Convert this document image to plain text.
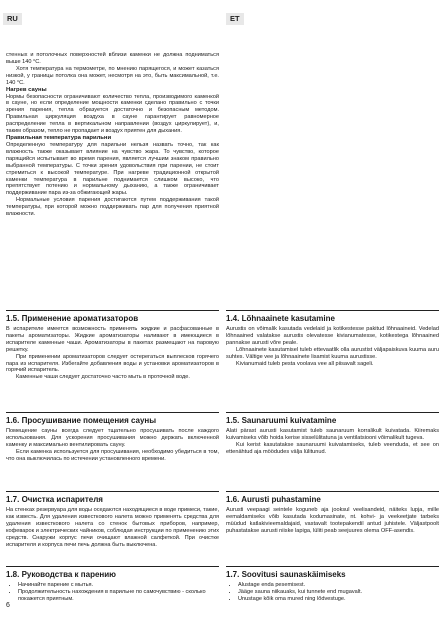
RU	ET

стенных и потолочных поверхностей вблизи каменки не должна подниматься выше 140 °С.

Хотя температура на термометре, по мнению парящегося, и может казаться низкой, у границы потолка она может, несмотря на это, быть максимальной, т.е. 140 °С.

Нагрев сауны

Нормы безопасности ограничивают количество тепла, производимого каменкой в сауне, но если определение мощности каменки сделано правильно с точки зрения парения, тепла образуется достаточно и безопасным методом. Правильная циркуляция воздуха в сауне гарантирует равномерное распределение тепла в вертикальном направлении (воздух циркулирует), и, таким образом, тепло не пропадает и воздух приятен для дыхания.

Правильная температура парильни

Определенную температуру для парильни нельзя назвать точно, так как влажность также оказывает влияние на чувство жара. То чувство, которое парящийся испытывает во время парения, является лучшим знаком правильно выбранной температуры. С точки зрения удовольствия при парении, не стоит стремиться к высокой температуре. При нагреве традиционной открытой каменки температура в парильне поднимается слишком высоко, что препятствует потению и нормальному дыханию, а также ограничивает поддерживание пара из-за обжигающей жары.

Нормальные условия парения достигаются путем поддерживания такой температуры, при которой можно поддерживать пар для получения приятной влажности.

1.5. Применение ароматизаторов

В испарителе имеется возможность применять жидкие и расфасованные в пакеты ароматизаторы. Жидкие ароматизаторы наливают в имеющиеся в испарителе каменные чаши. Ароматизаторы в пакетах размещают на паровую решетку.

При применении ароматизаторов следует остерегаться выплесков горячего пара из испарителя. Избегайте добавления воды и установки ароматизаторов в горячий испаритель.

Каменные чаши следует достаточно часто мыть в проточной воде.

1.6. Просушивание помещения сауны

Помещение сауны всегда следует тщательно просушивать после каждого использования. Для ускорения просушивания можно держать включенной каменку и максимально вентилировать сауну.

Если каменка используется для просушивания, необходимо убедиться в том, что она выключилась по истечении установленного времени.

1.7. Очистка испарителя

На стенках резервуара для воды оседаются находящиеся в воде примеси, такие, как известь. Для удаления известкового налета можно применять средства для удаления известкового налета со стенок бытовых приборов, например, кофеварок и электрических чайников, соблюдая инструкции по применению этих средств. Снаружи корпус печи очищают влажной салфеткой. При очистке испарителя и корпуса печи печь должна быть выключена.

1.8. Руководства к парению
• Начинайте парение с мытья.
• Продолжительность нахождения в парильне по самочувствию - сколько покажется приятным.
1.4. Lõhnaainete kasutamine

Aurustis on võimalik kasutada vedelaid ja kotikestesse pakitud lõhnaaineid. Vedelad lõhnaained valatakse aurustis olevatesse kivianumatesse, kotikestega lõhnaained pannakse aurusti võre peale.

Lõhnaainete kasutamisel tuleb ettevaatlik olla aurustist väljapaiskuva kuuma auru suhtes. Vältige vee ja lõhnaainete lisamist kuuma aurustisse.

Kivianumaid tuleb pesta voolava vee all piisavalt sageli.

1.5. Saunaruumi kuivatamine

Alati pärast aurusti kasutamist tuleb saunaruum korralikult kuivatada. Kiiremaks kuivamiseks võib hoida kerise sisselülitatuna ja ventilatsiooni võimalikult tugeva.

Kui kerist kasutatakse saunaruumi kuivatamiseks, tuleb veenduda, et see on ettenähtud aja möödudes välja lülitunud.

1.6. Aurusti puhastamine

Aurusti veepaagi seintele koguneb aja jooksul veelisandeid, näiteks lupja, mille eemaldamiseks võib kasutada kodumasinate, nt. kohvi- ja veekeetjate tarbeks müüdud katlakivieemaldajaid, vastavalt tootepakendil antud juhistele. Väljastpoolt puhastatakse aurusti niiske lapiga, lüliti peab seejuures olema OFF-asendis.

1.7. Soovitusi saunaskäimiseks
• Alustage enda pesemisest.
• Jääge sauna niikauaks, kui tunnete end mugavalt.
• Unustage kõik oma mured ning lõdvestuge.
6
